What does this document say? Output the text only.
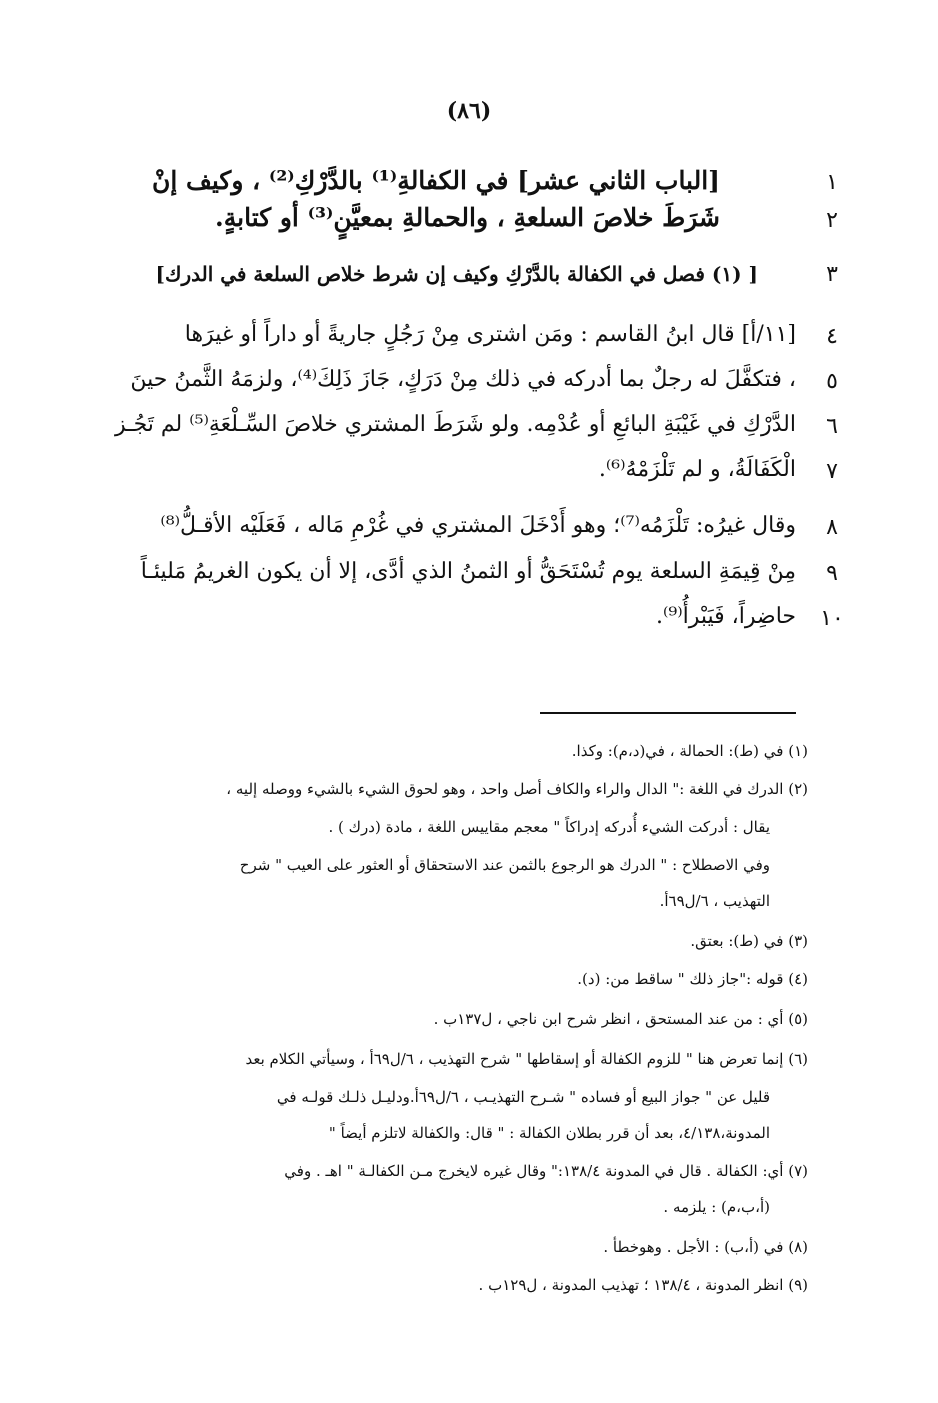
(٨٦)
١
٢
٣
٤
٥
٦
٧
٨
٩
١٠
[الباب الثاني عشر] في الكفالةِ⁽¹⁾ بالدَّرْكِ⁽²⁾ ، وكيف إنْ
شَرَطَ خلاصَ السلعةِ ، والحمالةِ بمعيَّنٍ⁽³⁾ أو كتابةٍ.
[ (١) فصل في الكفالة بالدَّرْكِ وكيف إن شرط خلاص السلعة في الدرك]
[١١/أ] قال ابنُ القاسم : ومَن اشترى مِنْ رَجُلٍ جاريةً أو داراً أو غيرَها
، فتكفَّلَ له رجلٌ بما أدركه في ذلك مِنْ دَرَكٍ، جَازَ ذَلِكَ⁽⁴⁾، ولزمَهُ الثَّمنُ حينَ
الدَّرْكِ في غَيْبَةِ البائعِ أو عُدْمِه. ولو شَرَطَ المشتري خلاصَ السِّـلْعَةِ⁽⁵⁾ لم تَجُـز
الْكَفَالَةُ، و لم تَلْزَمْهُ⁽⁶⁾.
وقال غيرُه: تَلْزَمُه⁽⁷⁾؛ وهو أَدْخَلَ المشتري في غُرْمِ مَاله ، فَعَلَيْه الأقـلُّ⁽⁸⁾
مِنْ قِيمَةِ السلعة يوم تُسْتَحَقُّ أو الثمنُ الذي أدَّى، إلا أن يكون الغريمُ مَليئـاً
حاضِراً، فَيَبْرأُ⁽⁹⁾.
(١) في (ط): الحمالة ، في(د،م): وكذا.
(٢) الدرك في اللغة :" الدال والراء والكاف أصل واحد ، وهو لحوق الشيء بالشيء ووصله إليه ،
يقال : أدركت الشيء أُدركه إدراكاً " معجم مقاييس اللغة ، مادة (درك ) .
وفي الاصطلاح : " الدرك هو الرجوع بالثمن عند الاستحقاق أو العثور على العيب " شرح
التهذيب ، ٦/ل٦٩أ.
(٣) في (ط): بعتق.
(٤) قوله :"جاز ذلك " ساقط من: (د).
(٥) أي : من عند المستحق ، انظر شرح ابن ناجي ، ل١٣٧ب .
(٦) إنما تعرض هنا " للزوم الكفالة أو إسقاطها " شرح التهذيب ، ٦/ل٦٩أ ، وسيأتي الكلام بعد
قليل عن " جواز البيع أو فساده " شـرح التهذيـب ، ٦/ل٦٩أ.ودليـل ذلـك قولـه في
المدونة،٤/١٣٨، بعد أن قرر بطلان الكفالة : " قال: والكفالة لاتلزم أيضاً "
(٧) أي: الكفالة . قال في المدونة ١٣٨/٤:" وقال غيره لايخرج مـن الكفالـة " اهـ . وفي
(أ،ب،م) : يلزمه .
(٨) في (أ،ب) : الأجل . وهوخطأ .
(٩) انظر المدونة ، ١٣٨/٤ ؛ تهذيب المدونة ، ل١٢٩ب .
